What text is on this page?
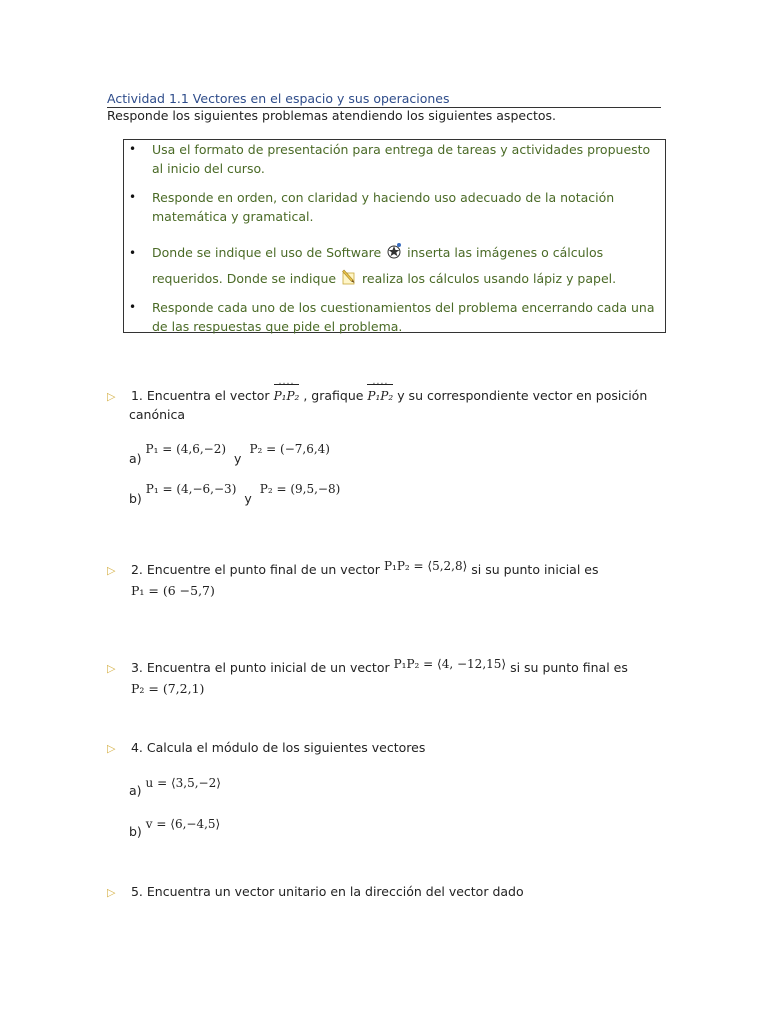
Actividad 1.1 Vectores en el espacio y sus operaciones
Responde los siguientes problemas atendiendo los siguientes aspectos.
• Usa el formato de presentación para entrega de tareas y actividades propuesto al inicio del curso.
• Responde en orden, con claridad y haciendo uso adecuado de la notación matemática y gramatical.
• Donde se indique el uso de Software inserta las imágenes o cálculos
requeridos. Donde se indique realiza los cálculos usando lápiz y papel.
• Responde cada uno de los cuestionamientos del problema encerrando cada una de las respuestas que pide el problema.
▷ 1. Encuentra el vector
ˇˇˇˇ
P₁P₂ , grafique
ˇˇˇˇ
P₁P₂ y su correspondiente vector en posición
canónica
a) P₁ = (4,6,−2) y P₂ = (−7,6,4)
b) P₁ = (4,−6,−3) y P₂ = (9,5,−8)
▷ 2. Encuentre el punto final de un vector P₁P₂ = ⟨5,2,8⟩ si su punto inicial es
P₁ = (6 −5,7)
▷ 3. Encuentra el punto inicial de un vector P₁P₂ = ⟨4, −12,15⟩ si su punto final es
P₂ = (7,2,1)
▷ 4. Calcula el módulo de los siguientes vectores
a) u = ⟨3,5,−2⟩
b) v = ⟨6,−4,5⟩
▷ 5. Encuentra un vector unitario en la dirección del vector dado
